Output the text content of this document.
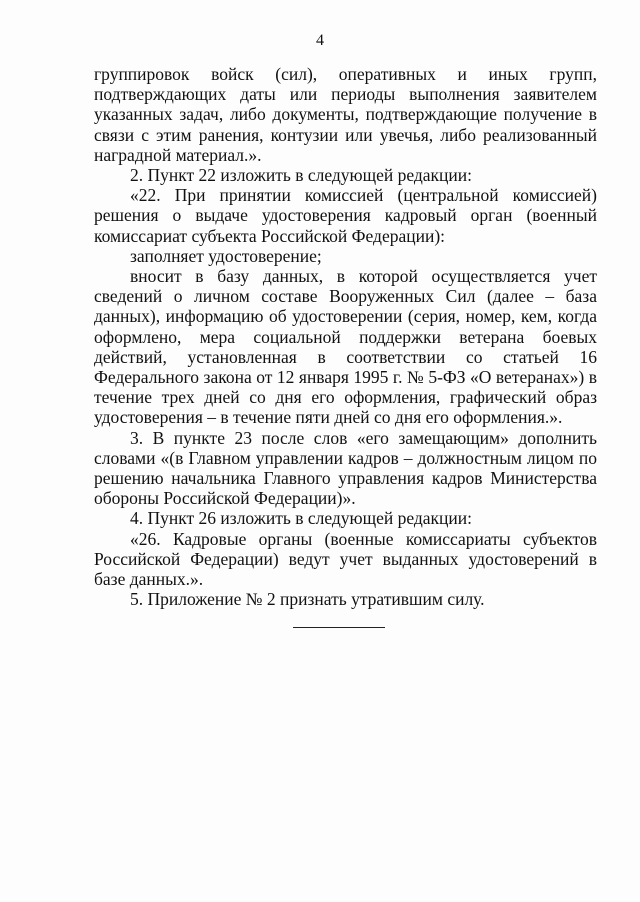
4

группировок войск (сил), оперативных и иных групп, подтверждающих даты или периоды выполнения заявителем указанных задач, либо документы, подтверждающие получение в связи с этим ранения, контузии или увечья, либо реализованный наградной материал.».

2. Пункт 22 изложить в следующей редакции:

«22. При принятии комиссией (центральной комиссией) решения о выдаче удостоверения кадровый орган (военный комиссариат субъекта Российской Федерации):

заполняет удостоверение;

вносит в базу данных, в которой осуществляется учет сведений о личном составе Вооруженных Сил (далее – база данных), информацию об удостоверении (серия, номер, кем, когда оформлено, мера социальной поддержки ветерана боевых действий, установленная в соответствии со статьей 16 Федерального закона от 12 января 1995 г. № 5-ФЗ «О ветеранах») в течение трех дней со дня его оформления, графический образ удостоверения – в течение пяти дней со дня его оформления.».

3. В пункте 23 после слов «его замещающим» дополнить словами «(в Главном управлении кадров – должностным лицом по решению начальника Главного управления кадров Министерства обороны Российской Федерации)».

4. Пункт 26 изложить в следующей редакции:

«26. Кадровые органы (военные комиссариаты субъектов Российской Федерации) ведут учет выданных удостоверений в базе данных.».

5. Приложение № 2 признать утратившим силу.
